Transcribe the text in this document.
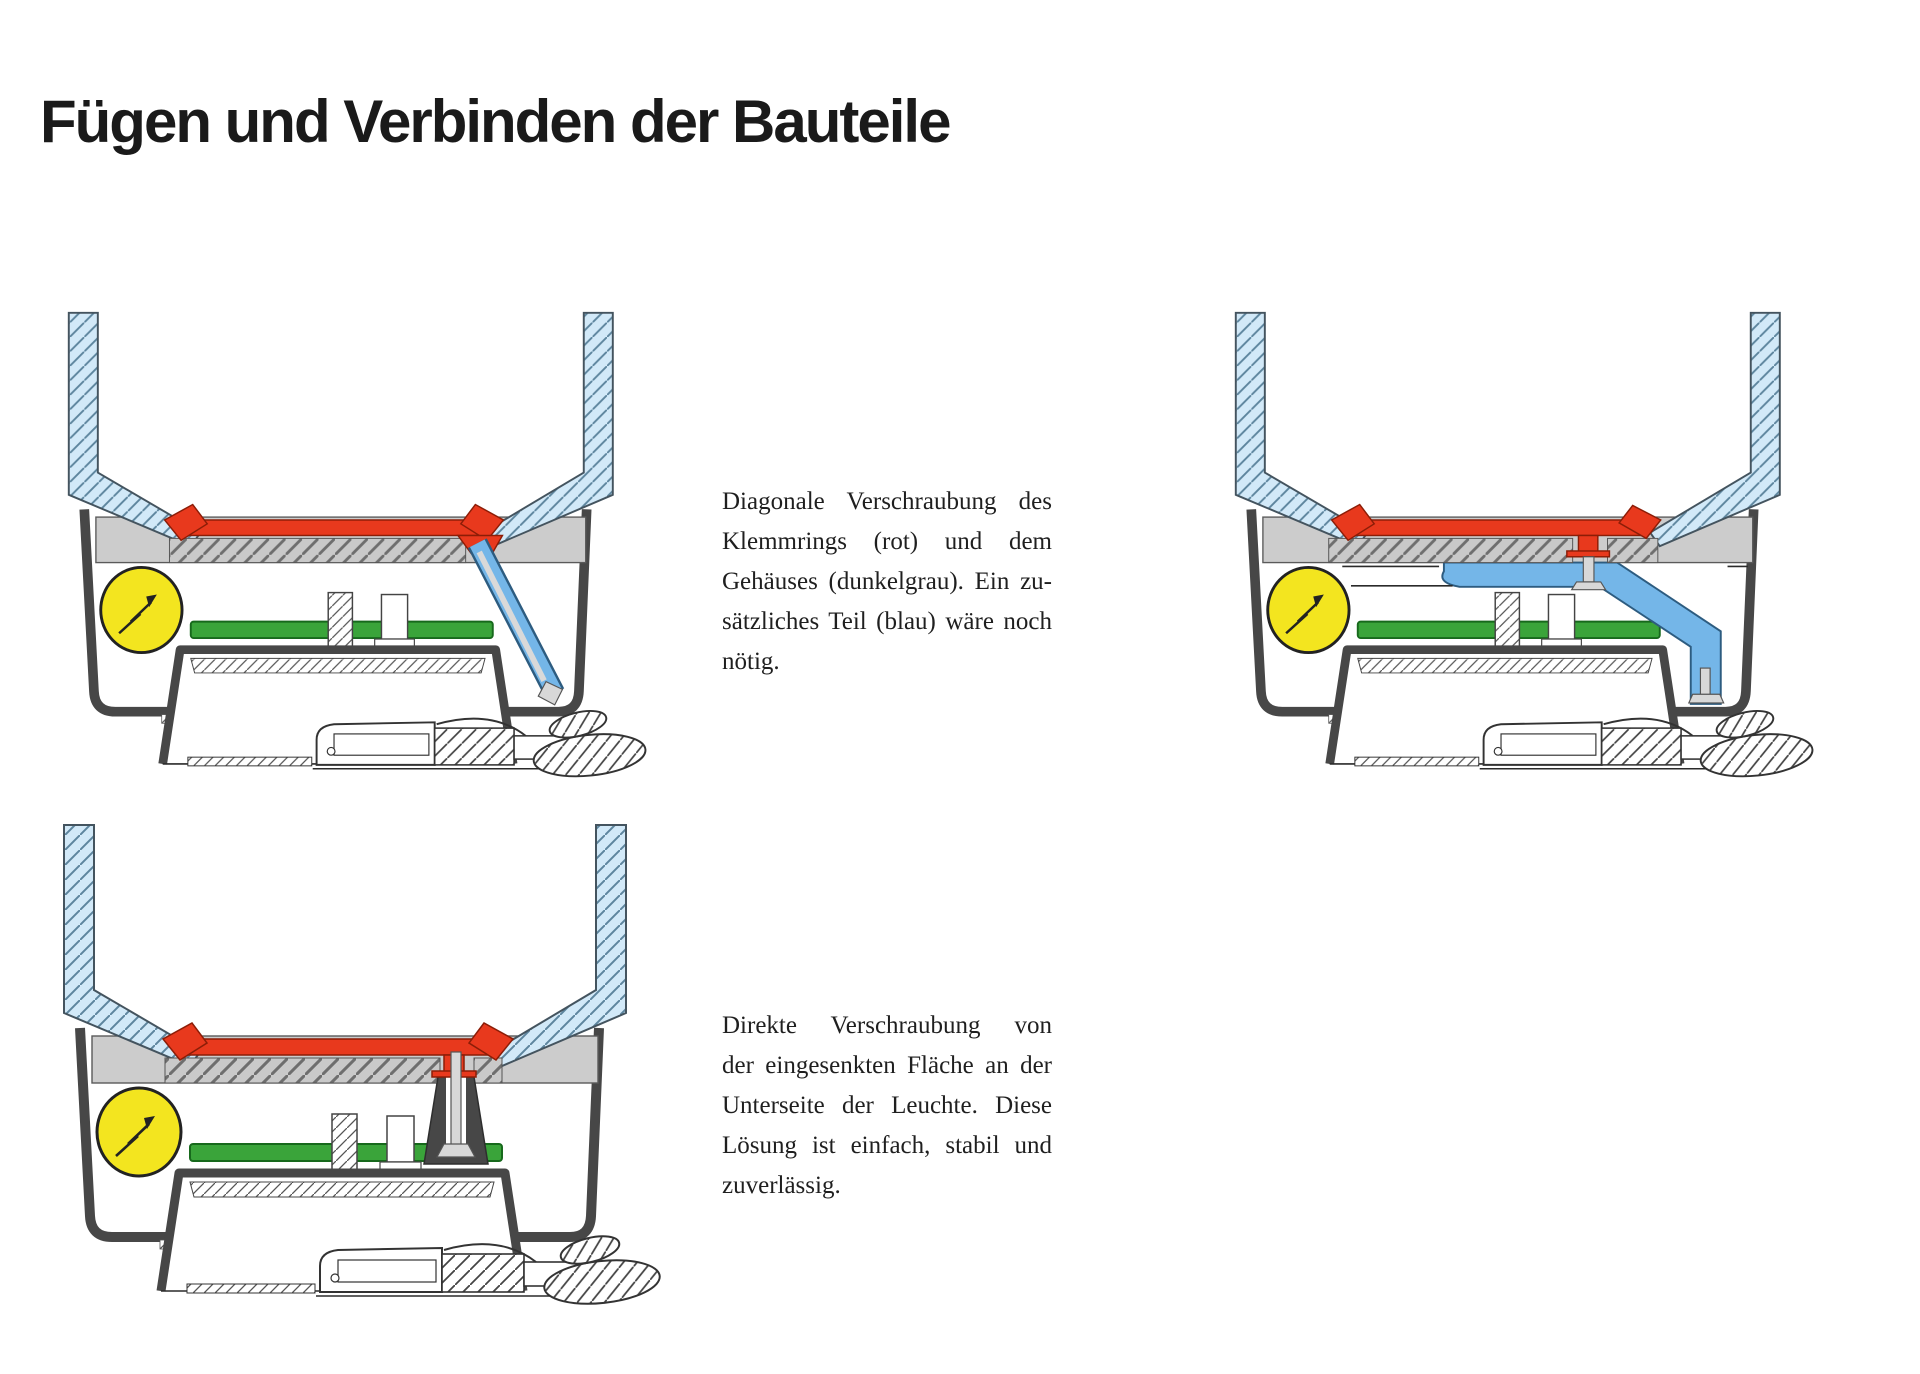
Fügen und Verbinden der Bauteile
Diagonale Verschraubung des
Klemmrings (rot) und dem
Gehäuses (dunkelgrau). Ein zu-
sätzliches Teil (blau) wäre noch
nötig.
Direkte Verschraubung von
der eingesenkten Fläche an der
Unterseite der Leuchte. Diese
Lösung ist einfach, stabil und
zuverlässig.
